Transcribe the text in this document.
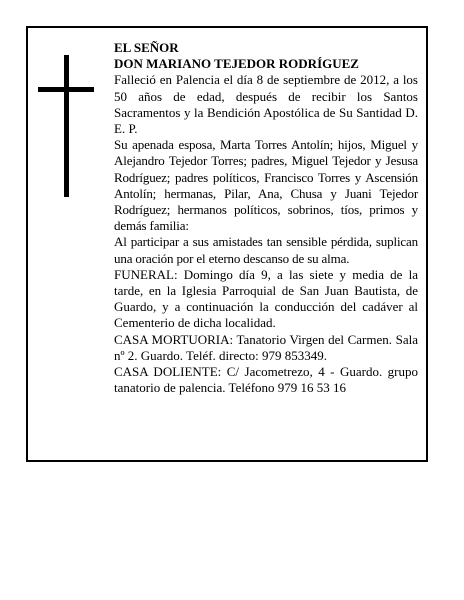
EL SEÑOR

DON MARIANO TEJEDOR RODRÍGUEZ

Falleció en Palencia el día 8 de septiembre de 2012, a los 50 años de edad, después de recibir los Santos Sacramentos y la Bendición Apostólica de Su Santidad D. E. P.

Su apenada esposa, Marta Torres Antolín; hijos, Miguel y Alejandro Tejedor Torres; padres, Miguel Tejedor y Jesusa Rodríguez; padres políticos, Francisco Torres y Ascensión Antolín; hermanas, Pilar, Ana, Chusa y Juani Tejedor Rodríguez; hermanos políticos, sobrinos, tíos, primos y demás familia:

Al participar a sus amistades tan sensible pérdida, suplican una oración por el eterno descanso de su alma.

FUNERAL: Domingo día 9, a las siete y media de la tarde, en la Iglesia Parroquial de San Juan Bautista, de Guardo, y a continuación la conducción del cadáver al Cementerio de dicha localidad.

CASA MORTUORIA: Tanatorio Virgen del Carmen. Sala nº 2. Guardo. Teléf. directo: 979 853349.

CASA DOLIENTE: C/ Jacometrezo, 4 - Guardo. grupo tanatorio de palencia. Teléfono 979 16 53 16
